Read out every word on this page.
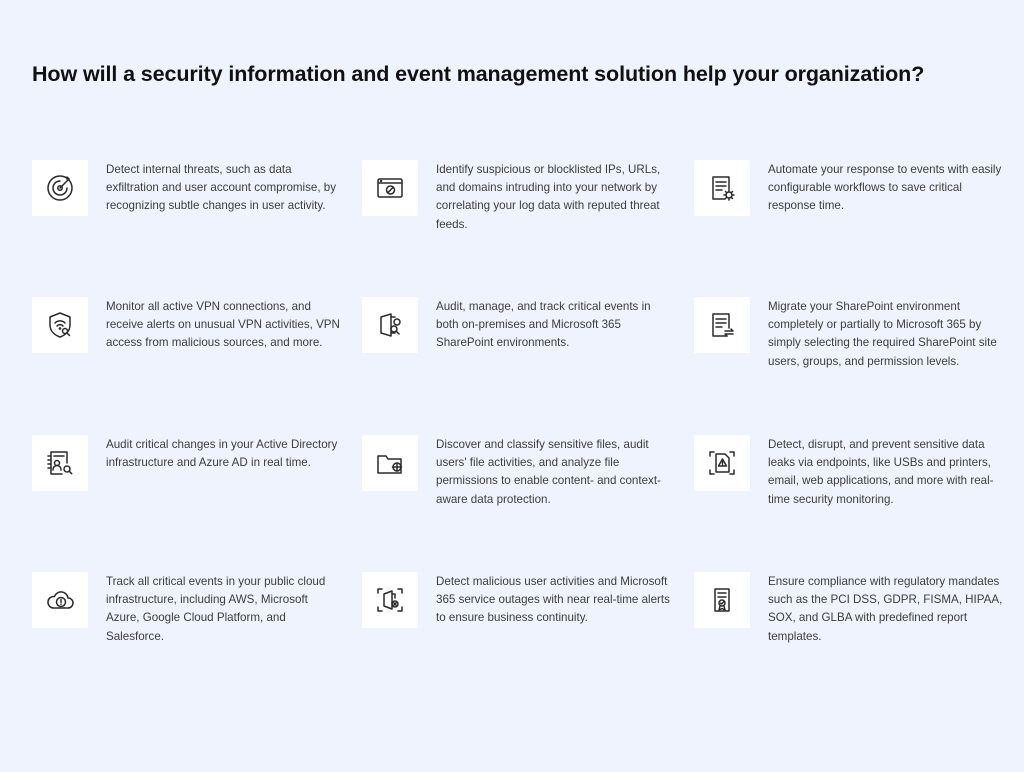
How will a security information and event management solution help your organization?

Detect internal threats, such as data exfiltration and user account compromise, by recognizing subtle changes in user activity.

Identify suspicious or blocklisted IPs, URLs, and domains intruding into your network by correlating your log data with reputed threat feeds.

Automate your response to events with easily configurable workflows to save critical response time.

Monitor all active VPN connections, and receive alerts on unusual VPN activities, VPN access from malicious sources, and more.

Audit, manage, and track critical events in both on-premises and Microsoft 365 SharePoint environments.

Migrate your SharePoint environment completely or partially to Microsoft 365 by simply selecting the required SharePoint site users, groups, and permission levels.

Audit critical changes in your Active Directory infrastructure and Azure AD in real time.

Discover and classify sensitive files, audit users' file activities, and analyze file permissions to enable content- and context-aware data protection.

Detect, disrupt, and prevent sensitive data leaks via endpoints, like USBs and printers, email, web applications, and more with real-time security monitoring.

Track all critical events in your public cloud infrastructure, including AWS, Microsoft Azure, Google Cloud Platform, and Salesforce.

Detect malicious user activities and Microsoft 365 service outages with near real-time alerts to ensure business continuity.

Ensure compliance with regulatory mandates such as the PCI DSS, GDPR, FISMA, HIPAA, SOX, and GLBA with predefined report templates.
